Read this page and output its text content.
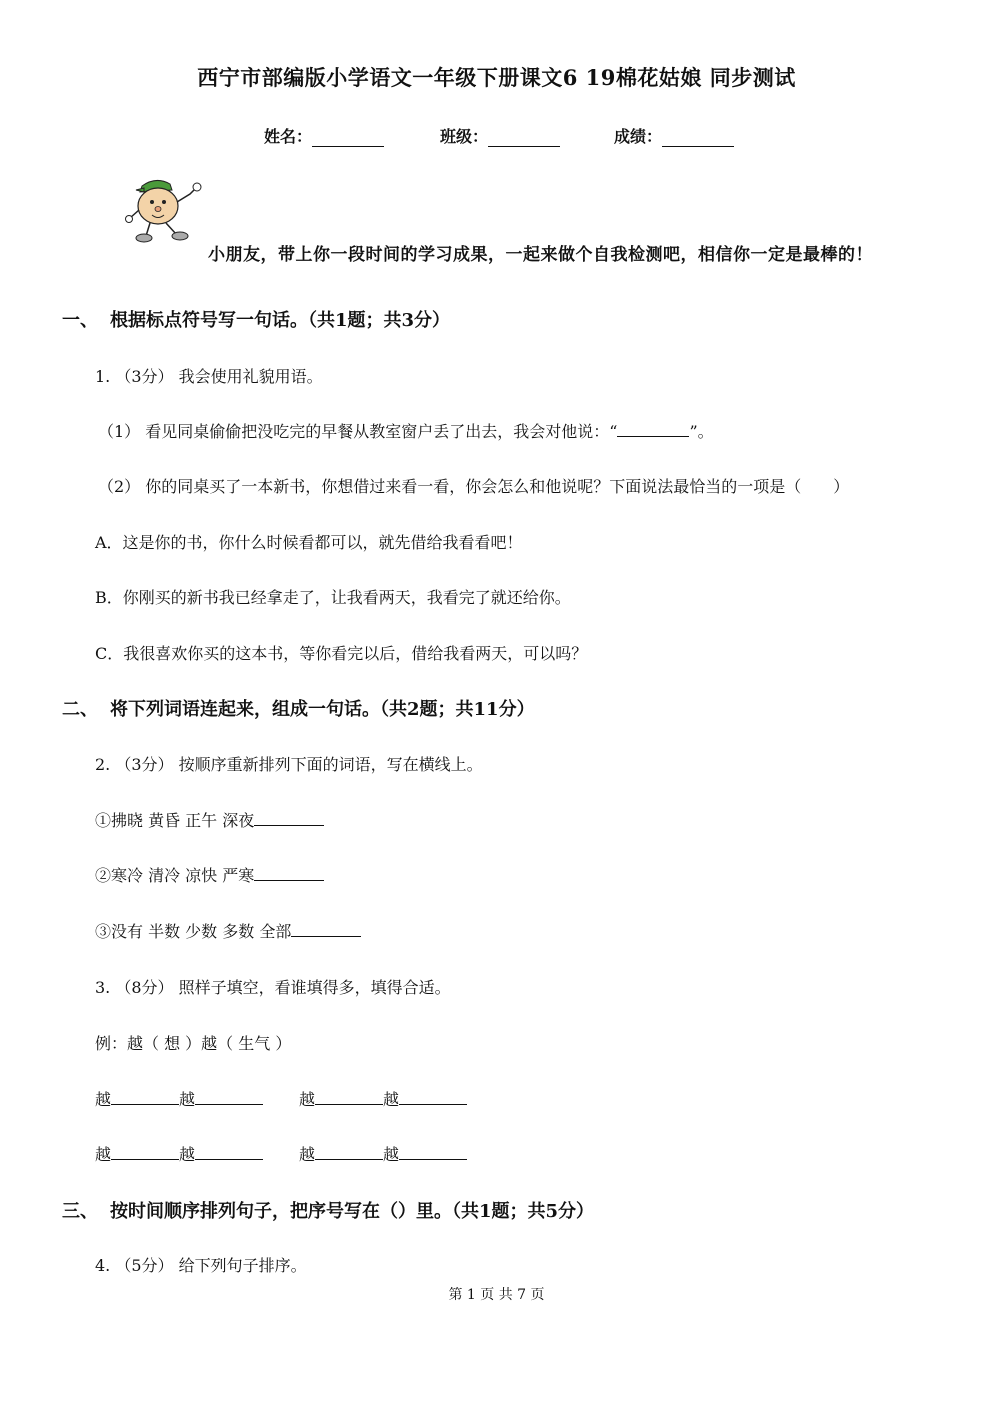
西宁市部编版小学语文一年级下册课文6 19棉花姑娘 同步测试
姓名：	班级：	成绩：
小朋友，带上你一段时间的学习成果，一起来做个自我检测吧，相信你一定是最棒的！
一、 根据标点符号写一句话。（共1题；共3分）
1. （3分） 我会使用礼貌用语。
（1） 看见同桌偷偷把没吃完的早餐从教室窗户丢了出去，我会对他说：“	”。
（2） 你的同桌买了一本新书，你想借过来看一看，你会怎么和他说呢？下面说法最恰当的一项是（　　）
A．这是你的书，你什么时候看都可以，就先借给我看看吧！
B．你刚买的新书我已经拿走了，让我看两天，我看完了就还给你。
C．我很喜欢你买的这本书，等你看完以后，借给我看两天，可以吗？
二、 将下列词语连起来，组成一句话。（共2题；共11分）
2. （3分） 按顺序重新排列下面的词语，写在横线上。
①拂晓 黄昏 正午 深夜
②寒冷 清冷 凉快 严寒
③没有 半数 少数 多数 全部
3. （8分） 照样子填空，看谁填得多，填得合适。
例：越（ 想 ）越（ 生气 ）
越	越	越	越
越	越	越	越
三、 按时间顺序排列句子，把序号写在（）里。（共1题；共5分）
4. （5分） 给下列句子排序。
第 1 页 共 7 页
